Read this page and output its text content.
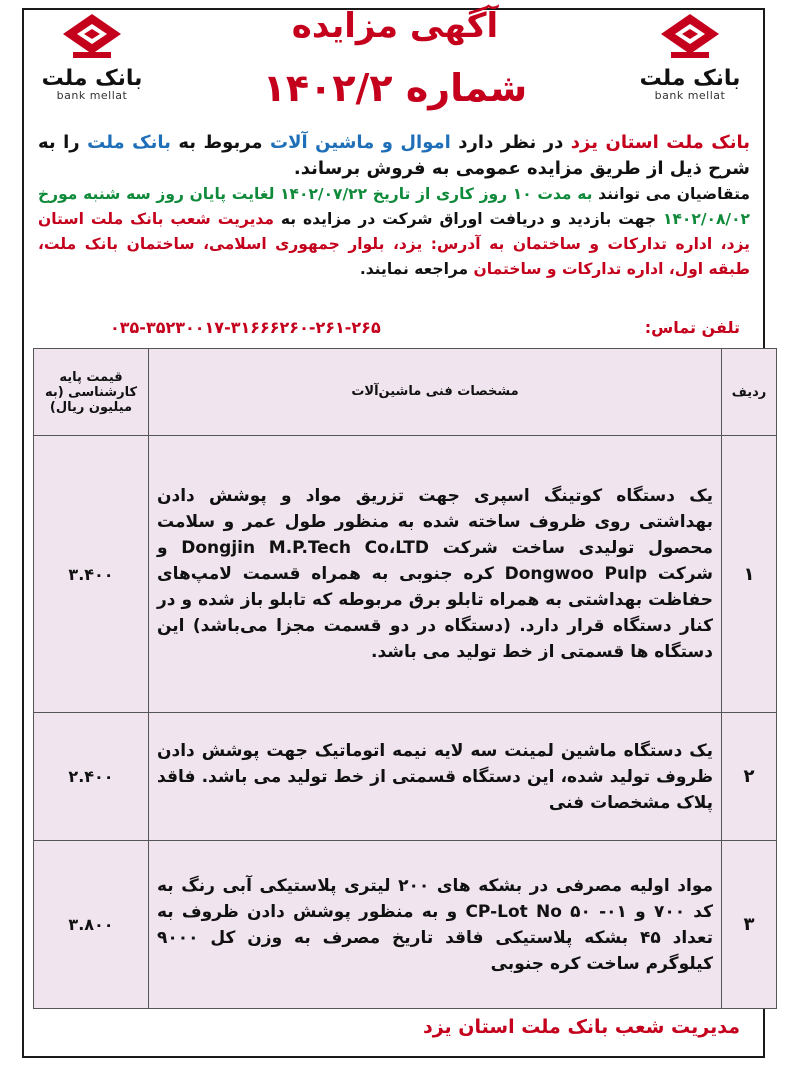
بانک ملت
bank mellat
بانک ملت
bank mellat
آگهی مزایده
شماره ۱۴۰۲/۲
بانک ملت استان یزد در نظر دارد اموال و ماشین آلات مربوط به بانک ملت را به شرح ذیل از طریق مزایده عمومی به فروش برساند.
متقاضیان می توانند به مدت ۱۰ روز کاری از تاریخ ۱۴۰۲/۰۷/۲۲ لغایت پایان روز سه شنبه مورخ ۱۴۰۲/۰۸/۰۲ جهت بازدید و دریافت اوراق شرکت در مزایده به مدیریت شعب بانک ملت استان یزد، اداره تدارکات و ساختمان به آدرس: یزد، بلوار جمهوری اسلامی، ساختمان بانک ملت، طبقه اول، اداره تدارکات و ساختمان مراجعه نمایند.
تلفن تماس:
۰۳۵-۳۵۲۳۰۰۱۷-۳۱۶۶۶۲۶۰-۲۶۱-۲۶۵
ردیف	مشخصات فنی ماشین‌آلات	قیمت پایه کارشناسی (به میلیون ریال)
۱	یک دستگاه کوتینگ اسپری جهت تزریق مواد و پوشش دادن بهداشتی روی ظروف ساخته شده به منظور طول عمر و سلامت محصول تولیدی ساخت شرکت Dongjin M.P.Tech Co،LTD و شرکت Dongwoo Pulp کره جنوبی به همراه قسمت لامپ‌های حفاظت بهداشتی به همراه تابلو برق مربوطه که تابلو باز شده و در کنار دستگاه قرار دارد. (دستگاه در دو قسمت مجزا می‌باشد) این دستگاه ها قسمتی از خط تولید می باشد.	۳.۴۰۰
۲	یک دستگاه ماشین لمینت سه لایه نیمه اتوماتیک جهت پوشش دادن ظروف تولید شده، این دستگاه قسمتی از خط تولید می باشد. فاقد پلاک مشخصات فنی	۲.۴۰۰
۳	مواد اولیه مصرفی در بشکه های ۲۰۰ لیتری پلاستیکی آبی رنگ به کد ۷۰۰ و ۰۱- CP-Lot No ۵۰ و به منظور پوشش دادن ظروف به تعداد ۴۵ بشکه پلاستیکی فاقد تاریخ مصرف به وزن کل ۹۰۰۰ کیلوگرم ساخت کره جنوبی	۳.۸۰۰
مدیریت شعب بانک ملت استان یزد
